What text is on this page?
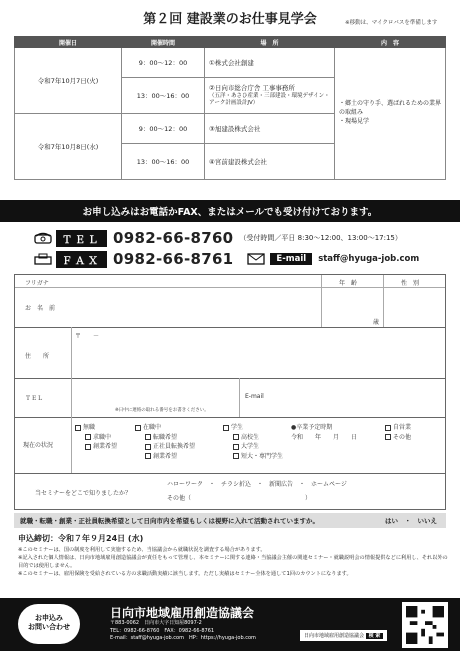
第２回 建設業のお仕事見学会	※移動は、マイクロバスを準備します
開催日	開催時間	場　所	内　容
令和7年10月7日(火)	9：00～12：00	①株式会社創建	・郷土の守り手、選ばれるための業界の取組み
・現場見学

	13：00～16：00	②日向市総合庁舎 工事事務所
（五洋・あさひ産業・三部建設・環境デザイン・アーク計画設計JV）	

令和7年10月8日(水)	9：00～12：00	③旭建設株式会社	
	13：00～16：00	④宮前建設株式会社	
お申し込みはお電話かFAX、またはメールでも受け付けております。
ＴＥＬ 0982-66-8760 （受付時間／平日 8:30～12:00、13:00～17:15）
ＦＡＸ 0982-66-8761	E-mail	staff@hyuga-job.com
フリガナ	年　齢	性　別
お　名　前
歳
〒　　－
住　　所
ＴＥＬ
※日中に連絡の取れる番号をお書きください。
E-mail
現在の状況
無職
求職中
創業希望
在職中
転職希望
正社員転換希望
創業希望
学生
高校生
大学生
短大・専門学生
●卒業予定時期
令和　　年　　月　　日
自営業
その他
当セミナーをどこで知りましたか？
ハローワーク　・　チラシ折込　・　新聞広告　・　ホームページ
その他（　　　　　　　　　　　　　　　　　　　）
就職・転職・創業・正社員転換希望として日向市内を希望もしくは視野に入れて活動されていますか。	はい　・　いいえ
申込締切：令和７年９月24日 (水)
※このセミナーは、国の制度を利用して実施するため、当協議会から就職状況を調査する場合があります。
※記入された個人情報は、日向市地域雇用創造協議会が責任をもって管理し、本セミナーに関する連絡・当協議会主催の関連セミナー・就職説明会の情報提供などに利用し、それ以外の目的では使用しません。
※このセミナーは、雇用保険を受給されている方の求職活動実績に該当します。ただし実績はセミナー全体を通して1回のカウントになります。
お申込み
お問い合わせ
日向市地域雇用創造協議会
〒883-0062　日向市大字日知屋8097-2
TEL：0982-66-8760　FAX：0982-66-8761
E-mail：staff@hyuga-job.com　HP：https://hyuga-job.com	日向市地域雇用創造協議会 検 索
